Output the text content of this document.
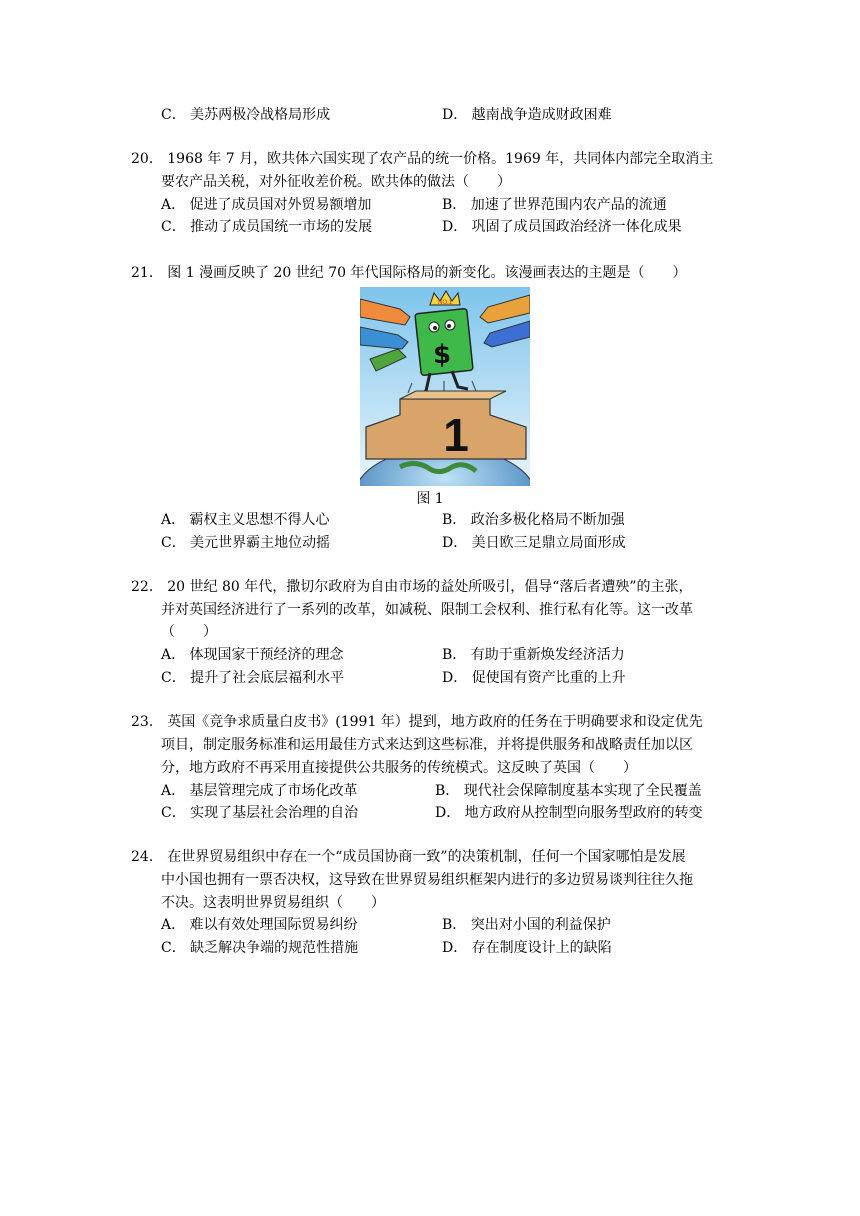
C． 美苏两极冷战格局形成	D． 越南战争造成财政困难
20． 1968 年 7 月，欧共体六国实现了农产品的统一价格。1969 年，共同体内部完全取消主
要农产品关税，对外征收差价税。欧共体的做法（　　）
A． 促进了成员国对外贸易额增加	B． 加速了世界范围内农产品的流通
C． 推动了成员国统一市场的发展	D． 巩固了成员国政治经济一体化成果
21． 图 1 漫画反映了 20 世纪 70 年代国际格局的新变化。该漫画表达的主题是（　　）
NO.1
$
1
图 1
A． 霸权主义思想不得人心	B． 政治多极化格局不断加强
C． 美元世界霸主地位动摇	D． 美日欧三足鼎立局面形成
22． 20 世纪 80 年代，撒切尔政府为自由市场的益处所吸引，倡导“落后者遭殃”的主张，
并对英国经济进行了一系列的改革，如减税、限制工会权利、推行私有化等。这一改革
（　　）
A． 体现国家干预经济的理念	B． 有助于重新焕发经济活力
C． 提升了社会底层福利水平	D． 促使国有资产比重的上升
23． 英国《竞争求质量白皮书》(1991 年）提到，地方政府的任务在于明确要求和设定优先
项目，制定服务标准和运用最佳方式来达到这些标准，并将提供服务和战略责任加以区
分，地方政府不再采用直接提供公共服务的传统模式。这反映了英国（　　）
A． 基层管理完成了市场化改革	B． 现代社会保障制度基本实现了全民覆盖
C． 实现了基层社会治理的自治	D． 地方政府从控制型向服务型政府的转变
24． 在世界贸易组织中存在一个“成员国协商一致”的决策机制，任何一个国家哪怕是发展
中小国也拥有一票否决权，这导致在世界贸易组织框架内进行的多边贸易谈判往往久拖
不决。这表明世界贸易组织（　　）
A． 难以有效处理国际贸易纠纷	B． 突出对小国的利益保护
C． 缺乏解决争端的规范性措施	D． 存在制度设计上的缺陷
